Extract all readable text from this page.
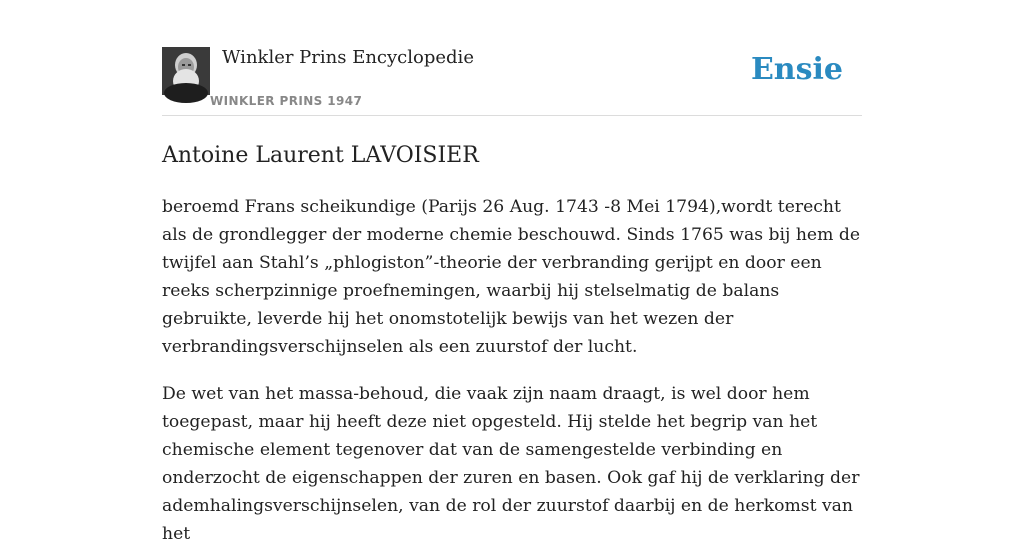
Winkler Prins Encyclopedie
WINKLER PRINS 1947
Ensie
Antoine Laurent LAVOISIER

beroemd Frans scheikundige (Parijs 26 Aug. 1743 -8 Mei 1794),wordt terecht als de grondlegger der moderne chemie beschouwd. Sinds 1765 was bij hem de twijfel aan Stahl’s „phlogiston”-theorie der verbranding gerijpt en door een reeks scherpzinnige proefnemingen, waarbij hij stelselmatig de balans gebruikte, leverde hij het onomstotelijk bewijs van het wezen der verbrandingsverschijnselen als een zuurstof der lucht.

De wet van het massa-behoud, die vaak zijn naam draagt, is wel door hem toegepast, maar hij heeft deze niet opgesteld. Hij stelde het begrip van het chemische element tegenover dat van de samengestelde verbinding en onderzocht de eigenschappen der zuren en basen. Ook gaf hij de verklaring der ademhalingsverschijnselen, van de rol der zuurstof daarbij en de herkomst van het
